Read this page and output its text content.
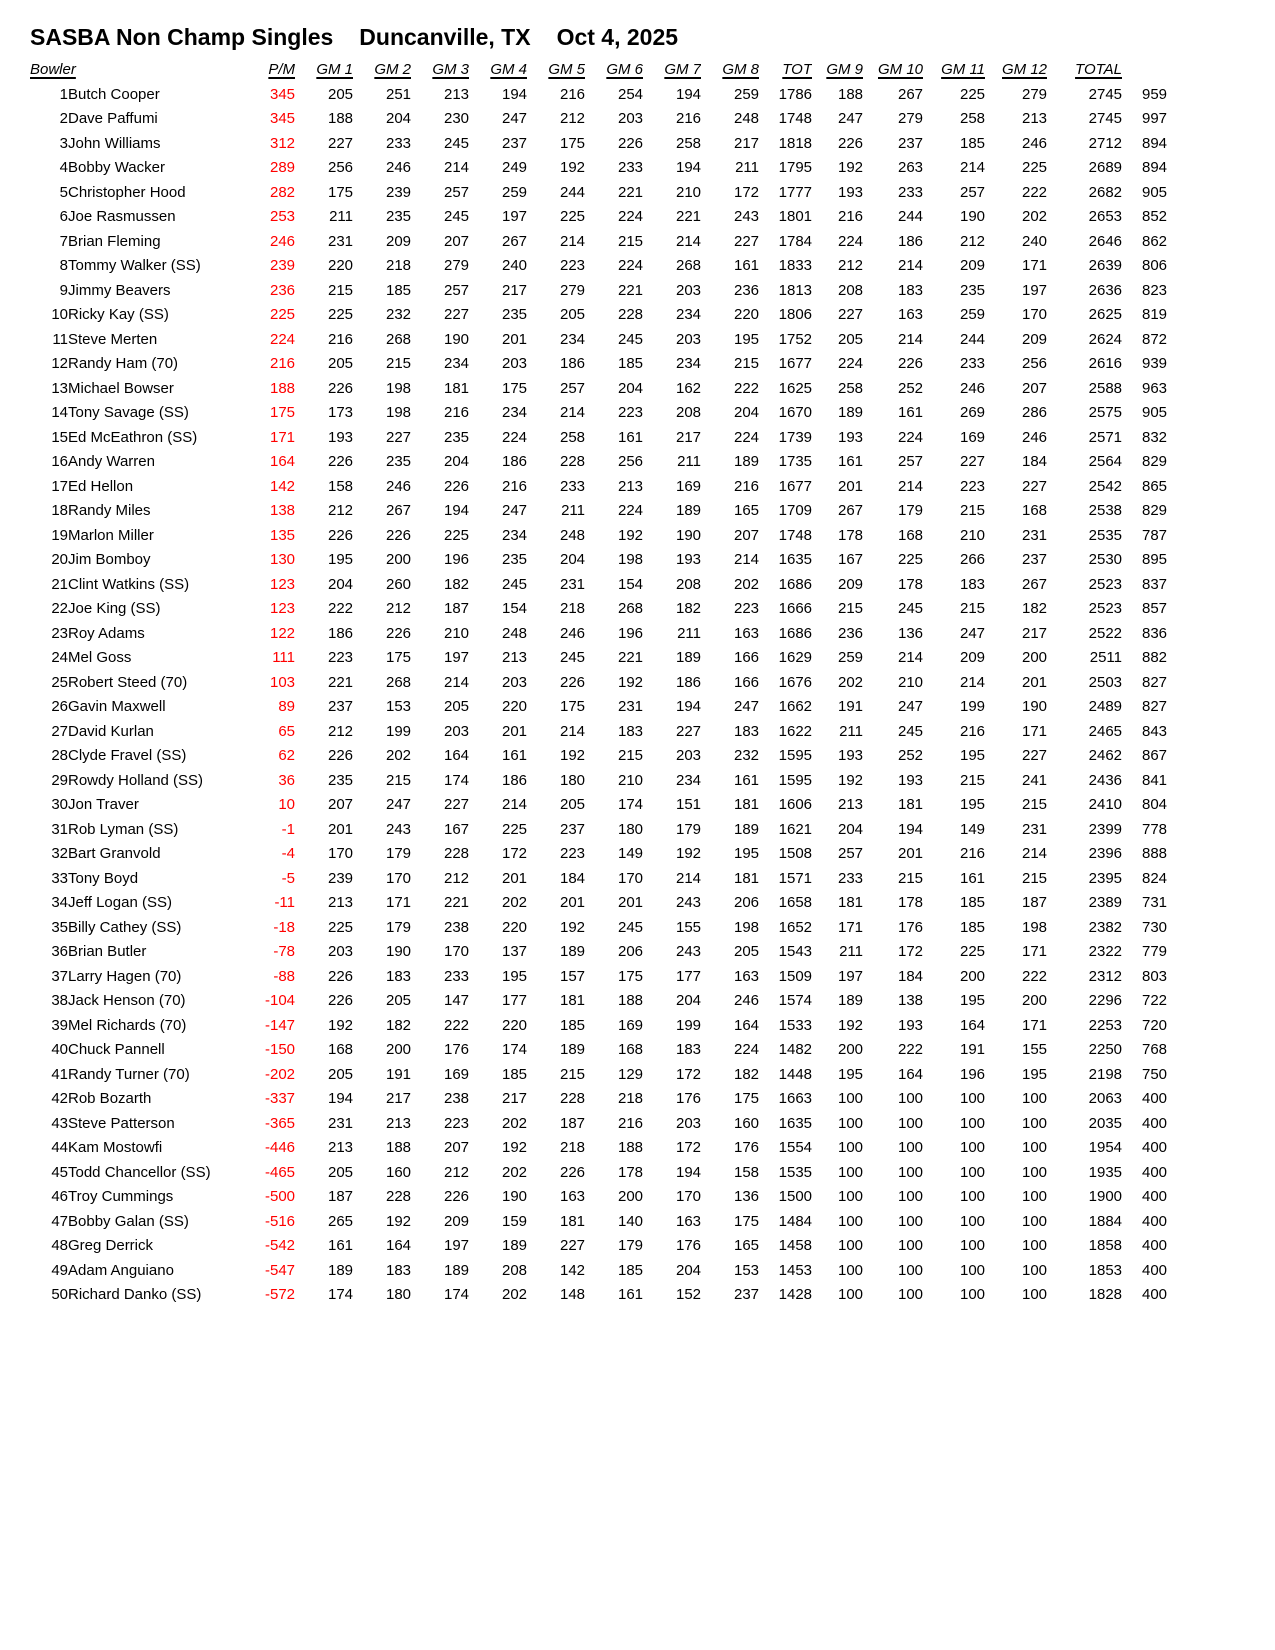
SASBA Non Champ Singles Duncanville, TX Oct 4, 2025
Bowler		P/M	GM 1	GM 2	GM 3	GM 4	GM 5	GM 6	GM 7	GM 8	TOT	GM 9	GM 10	GM 11	GM 12	TOTAL	
1	Butch Cooper	345	205	251	213	194	216	254	194	259	1786	188	267	225	279	2745	959
2	Dave Paffumi	345	188	204	230	247	212	203	216	248	1748	247	279	258	213	2745	997
3	John Williams	312	227	233	245	237	175	226	258	217	1818	226	237	185	246	2712	894
4	Bobby Wacker	289	256	246	214	249	192	233	194	211	1795	192	263	214	225	2689	894
5	Christopher Hood	282	175	239	257	259	244	221	210	172	1777	193	233	257	222	2682	905
6	Joe Rasmussen	253	211	235	245	197	225	224	221	243	1801	216	244	190	202	2653	852
7	Brian Fleming	246	231	209	207	267	214	215	214	227	1784	224	186	212	240	2646	862
8	Tommy Walker (SS)	239	220	218	279	240	223	224	268	161	1833	212	214	209	171	2639	806
9	Jimmy Beavers	236	215	185	257	217	279	221	203	236	1813	208	183	235	197	2636	823
10	Ricky Kay (SS)	225	225	232	227	235	205	228	234	220	1806	227	163	259	170	2625	819
11	Steve Merten	224	216	268	190	201	234	245	203	195	1752	205	214	244	209	2624	872
12	Randy Ham (70)	216	205	215	234	203	186	185	234	215	1677	224	226	233	256	2616	939
13	Michael Bowser	188	226	198	181	175	257	204	162	222	1625	258	252	246	207	2588	963
14	Tony Savage (SS)	175	173	198	216	234	214	223	208	204	1670	189	161	269	286	2575	905
15	Ed McEathron (SS)	171	193	227	235	224	258	161	217	224	1739	193	224	169	246	2571	832
16	Andy Warren	164	226	235	204	186	228	256	211	189	1735	161	257	227	184	2564	829
17	Ed Hellon	142	158	246	226	216	233	213	169	216	1677	201	214	223	227	2542	865
18	Randy Miles	138	212	267	194	247	211	224	189	165	1709	267	179	215	168	2538	829
19	Marlon Miller	135	226	226	225	234	248	192	190	207	1748	178	168	210	231	2535	787
20	Jim Bomboy	130	195	200	196	235	204	198	193	214	1635	167	225	266	237	2530	895
21	Clint Watkins (SS)	123	204	260	182	245	231	154	208	202	1686	209	178	183	267	2523	837
22	Joe King (SS)	123	222	212	187	154	218	268	182	223	1666	215	245	215	182	2523	857
23	Roy Adams	122	186	226	210	248	246	196	211	163	1686	236	136	247	217	2522	836
24	Mel Goss	111	223	175	197	213	245	221	189	166	1629	259	214	209	200	2511	882
25	Robert Steed (70)	103	221	268	214	203	226	192	186	166	1676	202	210	214	201	2503	827
26	Gavin Maxwell	89	237	153	205	220	175	231	194	247	1662	191	247	199	190	2489	827
27	David Kurlan	65	212	199	203	201	214	183	227	183	1622	211	245	216	171	2465	843
28	Clyde Fravel (SS)	62	226	202	164	161	192	215	203	232	1595	193	252	195	227	2462	867
29	Rowdy Holland (SS)	36	235	215	174	186	180	210	234	161	1595	192	193	215	241	2436	841
30	Jon Traver	10	207	247	227	214	205	174	151	181	1606	213	181	195	215	2410	804
31	Rob Lyman (SS)	-1	201	243	167	225	237	180	179	189	1621	204	194	149	231	2399	778
32	Bart Granvold	-4	170	179	228	172	223	149	192	195	1508	257	201	216	214	2396	888
33	Tony Boyd	-5	239	170	212	201	184	170	214	181	1571	233	215	161	215	2395	824
34	Jeff Logan (SS)	-11	213	171	221	202	201	201	243	206	1658	181	178	185	187	2389	731
35	Billy Cathey (SS)	-18	225	179	238	220	192	245	155	198	1652	171	176	185	198	2382	730
36	Brian Butler	-78	203	190	170	137	189	206	243	205	1543	211	172	225	171	2322	779
37	Larry Hagen (70)	-88	226	183	233	195	157	175	177	163	1509	197	184	200	222	2312	803
38	Jack Henson (70)	-104	226	205	147	177	181	188	204	246	1574	189	138	195	200	2296	722
39	Mel Richards (70)	-147	192	182	222	220	185	169	199	164	1533	192	193	164	171	2253	720
40	Chuck Pannell	-150	168	200	176	174	189	168	183	224	1482	200	222	191	155	2250	768
41	Randy Turner (70)	-202	205	191	169	185	215	129	172	182	1448	195	164	196	195	2198	750
42	Rob Bozarth	-337	194	217	238	217	228	218	176	175	1663	100	100	100	100	2063	400
43	Steve Patterson	-365	231	213	223	202	187	216	203	160	1635	100	100	100	100	2035	400
44	Kam Mostowfi	-446	213	188	207	192	218	188	172	176	1554	100	100	100	100	1954	400
45	Todd Chancellor (SS)	-465	205	160	212	202	226	178	194	158	1535	100	100	100	100	1935	400
46	Troy Cummings	-500	187	228	226	190	163	200	170	136	1500	100	100	100	100	1900	400
47	Bobby Galan (SS)	-516	265	192	209	159	181	140	163	175	1484	100	100	100	100	1884	400
48	Greg Derrick	-542	161	164	197	189	227	179	176	165	1458	100	100	100	100	1858	400
49	Adam Anguiano	-547	189	183	189	208	142	185	204	153	1453	100	100	100	100	1853	400
50	Richard Danko (SS)	-572	174	180	174	202	148	161	152	237	1428	100	100	100	100	1828	400
